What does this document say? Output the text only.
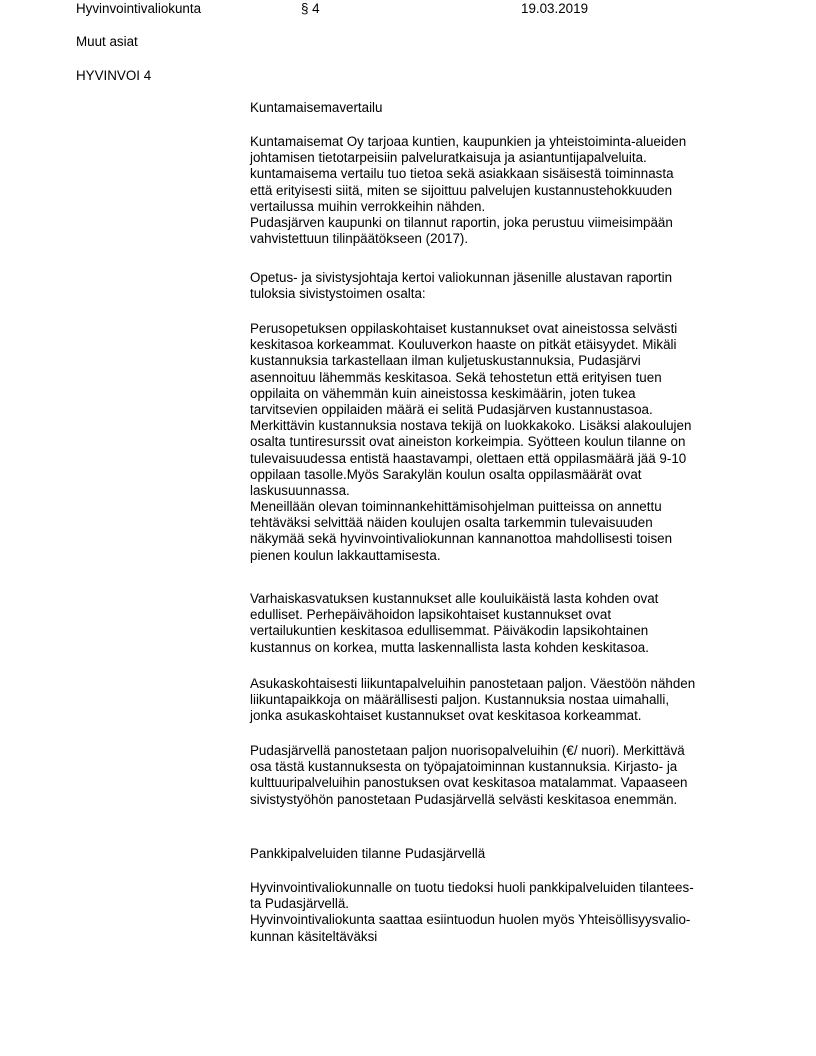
Hyvinvointivaliokunta	§ 4	19.03.2019
Muut asiat
HYVINVOI 4
Kuntamaisemavertailu
Kuntamaisemat Oy tarjoaa kuntien, kaupunkien ja yhteistoiminta-alueiden
johtamisen tietotarpeisiin palveluratkaisuja ja asiantuntijapalveluita.
kuntamaisema vertailu tuo tietoa sekä asiakkaan sisäisestä toiminnasta
että erityisesti siitä, miten se sijoittuu palvelujen kustannustehokkuuden
vertailussa muihin verrokkeihin nähden.
Pudasjärven kaupunki on tilannut raportin, joka perustuu viimeisimpään
vahvistettuun tilinpäätökseen (2017).
Opetus- ja sivistysjohtaja kertoi valiokunnan jäsenille alustavan raportin
tuloksia sivistystoimen osalta:
Perusopetuksen oppilaskohtaiset kustannukset ovat aineistossa selvästi
keskitasoa korkeammat. Kouluverkon haaste on pitkät etäisyydet. Mikäli
kustannuksia tarkastellaan ilman kuljetuskustannuksia, Pudasjärvi
asennoituu lähemmäs keskitasoa. Sekä tehostetun että erityisen tuen
oppilaita on vähemmän kuin aineistossa keskimäärin, joten tukea
tarvitsevien oppilaiden määrä ei selitä Pudasjärven kustannustasoa.
Merkittävin kustannuksia nostava tekijä on luokkakoko. Lisäksi alakoulujen
osalta tuntiresurssit ovat aineiston korkeimpia. Syötteen koulun tilanne on
tulevaisuudessa entistä haastavampi, olettaen että oppilasmäärä jää 9-10
oppilaan tasolle.Myös Sarakylän koulun osalta oppilasmäärät ovat
laskusuunnassa.
Meneillään olevan toiminnankehittämisohjelman puitteissa on annettu
tehtäväksi selvittää näiden koulujen osalta tarkemmin tulevaisuuden
näkymää sekä hyvinvointivaliokunnan kannanottoa mahdollisesti toisen
pienen koulun lakkauttamisesta.
Varhaiskasvatuksen kustannukset alle kouluikäistä lasta kohden ovat
edulliset. Perhepäivähoidon lapsikohtaiset kustannukset ovat
vertailukuntien keskitasoa edullisemmat. Päiväkodin lapsikohtainen
kustannus on korkea, mutta laskennallista lasta kohden keskitasoa.
Asukaskohtaisesti liikuntapalveluihin panostetaan paljon. Väestöön nähden
liikuntapaikkoja on määrällisesti paljon. Kustannuksia nostaa uimahalli,
jonka asukaskohtaiset kustannukset ovat keskitasoa korkeammat.
Pudasjärvellä panostetaan paljon nuorisopalveluihin (€/ nuori). Merkittävä
osa tästä kustannuksesta on työpajatoiminnan kustannuksia. Kirjasto- ja
kulttuuripalveluihin panostuksen ovat keskitasoa matalammat. Vapaaseen
sivistystyöhön panostetaan Pudasjärvellä selvästi keskitasoa enemmän.
Pankkipalveluiden tilanne Pudasjärvellä
Hyvinvointivaliokunnalle on tuotu tiedoksi huoli pankkipalveluiden tilantees-
ta Pudasjärvellä.
Hyvinvointivaliokunta saattaa esiintuodun huolen myös Yhteisöllisyysvalio-
kunnan käsiteltäväksi
